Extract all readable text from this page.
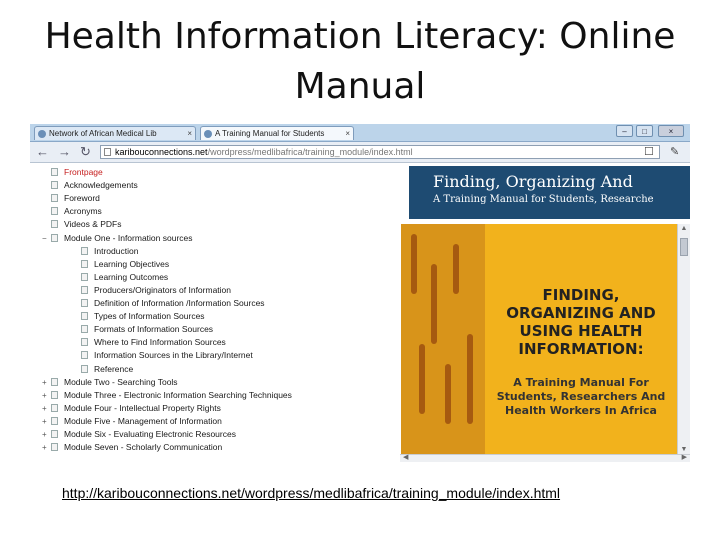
Health Information Literacy: Online
Manual
Network of African Medical Lib	×	A Training Manual for Students	×	–	□	×
← → ↻	karibouconnections.net/wordpress/medlibafrica/training_module/index.html	☐ ✎
Frontpage
Acknowledgements
Foreword
Acronyms
Videos & PDFs
− Module One - Information sources
Introduction
Learning Objectives
Learning Outcomes
Producers/Originators of Information
Definition of Information /Information Sources
Types of Information Sources
Formats of Information Sources
Where to Find Information Sources
Information Sources in the Library/Internet
Reference
+ Module Two - Searching Tools
+ Module Three - Electronic Information Searching Techniques
+ Module Four - Intellectual Property Rights
+ Module Five - Management of Information
+ Module Six - Evaluating Electronic Resources
+ Module Seven - Scholarly Communication
Finding, Organizing And
A Training Manual for Students, Researche
FINDING,
ORGANIZING AND
USING HEALTH
INFORMATION:
A Training Manual For
Students, Researchers And
Health Workers In Africa
▲
▼
◀	▶
http://karibouconnections.net/wordpress/medlibafrica/training_module/index.html
